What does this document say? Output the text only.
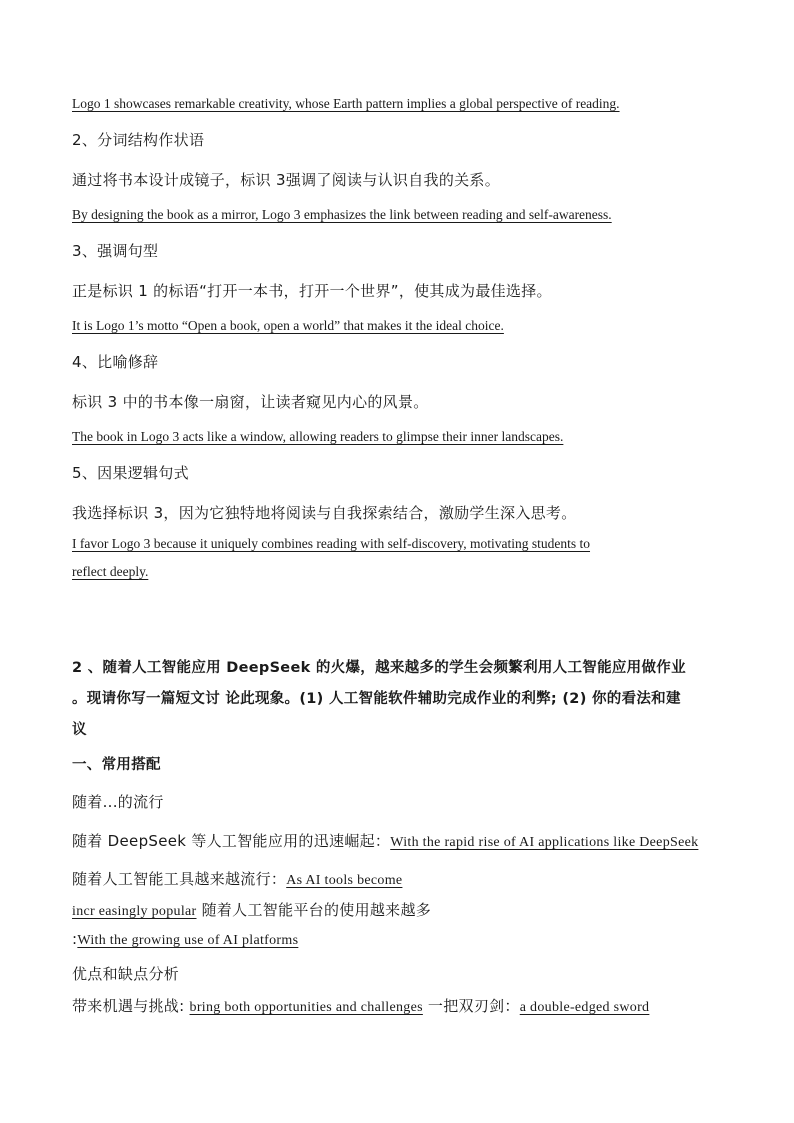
Logo 1 showcases remarkable creativity, whose Earth pattern implies a global perspective of reading.
2、分词结构作状语
通过将书本设计成镜子，标识 3强调了阅读与认识自我的关系。
By designing the book as a mirror, Logo 3 emphasizes the link between reading and self-awareness.
3、强调句型
正是标识 1 的标语“打开一本书，打开一个世界”，使其成为最佳选择。
It is Logo 1’s motto “Open a book, open a world” that makes it the ideal choice.
4、比喻修辞
标识 3 中的书本像一扇窗，让读者窥见内心的风景。
The book in Logo 3 acts like a window, allowing readers to glimpse their inner landscapes.
5、因果逻辑句式
我选择标识 3，因为它独特地将阅读与自我探索结合，激励学生深入思考。
I favor Logo 3 because it uniquely combines reading with self-discovery, motivating students to
reflect deeply.
2 、随着人工智能应用 DeepSeek 的火爆，越来越多的学生会频繁利用人工智能应用做作业
。现请你写一篇短文讨 论此现象。(1) 人工智能软件辅助完成作业的利弊; (2) 你的看法和建
议
一、常用搭配
随着...的流行
随着 DeepSeek 等人工智能应用的迅速崛起：With the rapid rise of AI applications like DeepSeek
随着人工智能工具越来越流行：As AI tools become
incr easingly popular 随着人工智能平台的使用越来越多
:With the growing use of AI platforms
优点和缺点分析
带来机遇与挑战: bring both opportunities and challenges 一把双刃剑：a double-edged sword
